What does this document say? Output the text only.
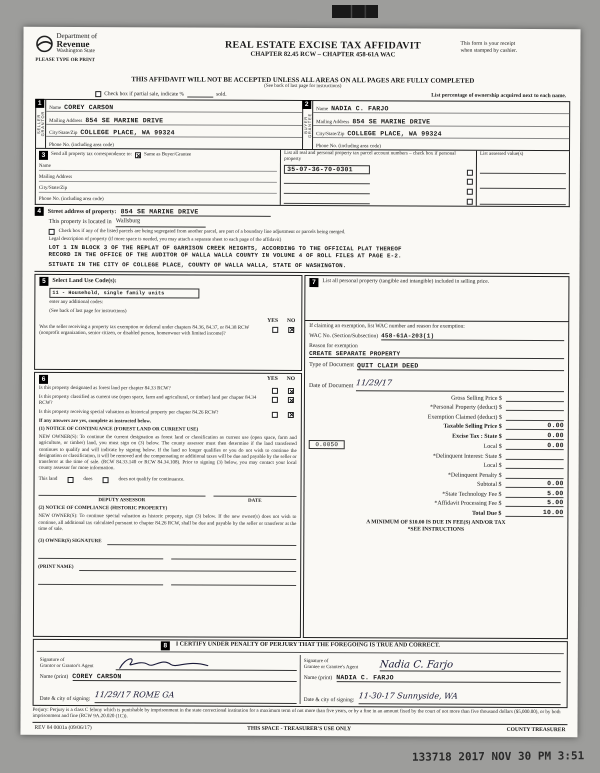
✓
Department of
Revenue
Washington State
PLEASE TYPE OR PRINT
REAL ESTATE EXCISE TAX AFFIDAVIT
CHAPTER 82.45 RCW – CHAPTER 458-61A WAC
This form is your receipt
when stamped by cashier.
THIS AFFIDAVIT WILL NOT BE ACCEPTED UNLESS ALL AREAS ON ALL PAGES ARE FULLY COMPLETED
(See back of last page for instructions)
Check box if partial sale, indicate %	sold.	List percentage of ownership acquired next to each name.
1
SELLER
GRANTOR
Name COREY CARSON
Mailing Address 854 SE MARINE DRIVE
City/State/Zip COLLEGE PLACE, WA 99324
Phone No. (including area code)
2
BUYER
GRANTEE
Name NADIA C. FARJO
Mailing Address 854 SE MARINE DRIVE
City/State/Zip COLLEGE PLACE, WA 99324
Phone No. (including area code)
3	Send all property tax correspondence to: ✕ Same as Buyer/Grantee
Name
Mailing Address
City/State/Zip
Phone No. (including area code)
List all real and personal property tax parcel account numbers – check box if personal property
35-07-36-70-0301
List assessed value(s)
4	Street address of property: 854 SE MARINE DRIVE
This property is located in Wallsburg
Check box if any of the listed parcels are being segregated from another parcel, are part of a boundary line adjustment or parcels being merged.
Legal description of property (if more space is needed, you may attach a separate sheet to each page of the affidavit)
LOT 1 IN BLOCK 3 OF THE REPLAT OF GARRISON CREEK HEIGHTS, ACCORDING TO THE OFFICIAL PLAT THEREOF
RECORD IN THE OFFICE OF THE AUDITOR OF WALLA WALLA COUNTY IN VOLUME 4 OF ROLL FILES AT PAGE E-2.
SITUATE IN THE CITY OF COLLEGE PLACE, COUNTY OF WALLA WALLA, STATE OF WASHINGTON.
5	Select Land Use Code(s):
11 - Household, single family units
enter any additional codes:
(See back of last page for instructions)
YES NO
Was the seller receiving a property tax exemption or deferral under chapters 84.36, 84.37, or 84.38 RCW (nonprofit organization, senior citizen, or disabled person, homeowner with limited income)?
✕
6	YES NO
Is this property designated as forest land per chapter 84.33 RCW?
✕
Is this property classified as current use (open space, farm and agricultural, or timber) land per chapter 84.34 RCW?
✕
Is this property receiving special valuation as historical property per chapter 84.26 RCW?
✕
If any answers are yes, complete as instructed below.
(1) NOTICE OF CONTINUANCE (FOREST LAND OR CURRENT USE)
NEW OWNER(S): To continue the current designation as forest land or classification as current use (open space, farm and agriculture, or timber) land, you must sign on (3) below. The county assessor must then determine if the land transferred continues to qualify and will indicate by signing below. If the land no longer qualifies or you do not wish to continue the designation or classification, it will be removed and the compensating or additional taxes will be due and payable by the seller or transferor at the time of sale. (RCW 84.33.140 or RCW 84.34.108). Prior to signing (3) below, you may contact your local county assessor for more information.
This land	does	does not qualify for continuance.
DEPUTY ASSESSOR	DATE
(2) NOTICE OF COMPLIANCE (HISTORIC PROPERTY)
NEW OWNER(S): To continue special valuation as historic property, sign (3) below. If the new owner(s) does not wish to continue, all additional tax calculated pursuant to chapter 84.26 RCW, shall be due and payable by the seller or transferor at the time of sale.
(3) OWNER(S) SIGNATURE
(PRINT NAME)
7	List all personal property (tangible and intangible) included in selling price.
If claiming an exemption, list WAC number and reason for exemption:
WAC No. (Section/Subsection) 458-61A-203(1)
Reason for exemption
CREATE SEPARATE PROPERTY
Type of Document QUIT CLAIM DEED
Date of Document 11/29/17
Gross Selling Price $
*Personal Property (deduct) $
Exemption Claimed (deduct) $
Taxable Selling Price $	0.00
Excise Tax : State $	0.00
0.0050	Local $	0.00
*Delinquent Interest: State $
Local $
*Delinquent Penalty $
Subtotal $	0.00
*State Technology Fee $	5.00
*Affidavit Processing Fee $	5.00
Total Due $	10.00
A MINIMUM OF $10.00 IS DUE IN FEE(S) AND/OR TAX
*SEE INSTRUCTIONS
8	I CERTIFY UNDER PENALTY OF PERJURY THAT THE FOREGOING IS TRUE AND CORRECT.
Signature of
Grantor or Grantor's Agent
Name (print) COREY CARSON
Date & city of signing: 11/29/17 ROME GA
Signature of
Grantee or Grantee's Agent	Nadia C. Farjo
Name (print) NADIA C. FARJO
Date & city of signing: 11-30-17 Sunnyside, WA
Perjury: Perjury is a class C felony which is punishable by imprisonment in the state correctional institution for a maximum term of not more than five years, or by a fine in an amount fixed by the court of not more than five thousand dollars ($5,000.00), or by both imprisonment and fine (RCW 9A.20.020 (1C)).
REV 84 0001a (09/06/17)	THIS SPACE - TREASURER'S USE ONLY	COUNTY TREASURER
133718 2017 NOV 30 PM 3:51
